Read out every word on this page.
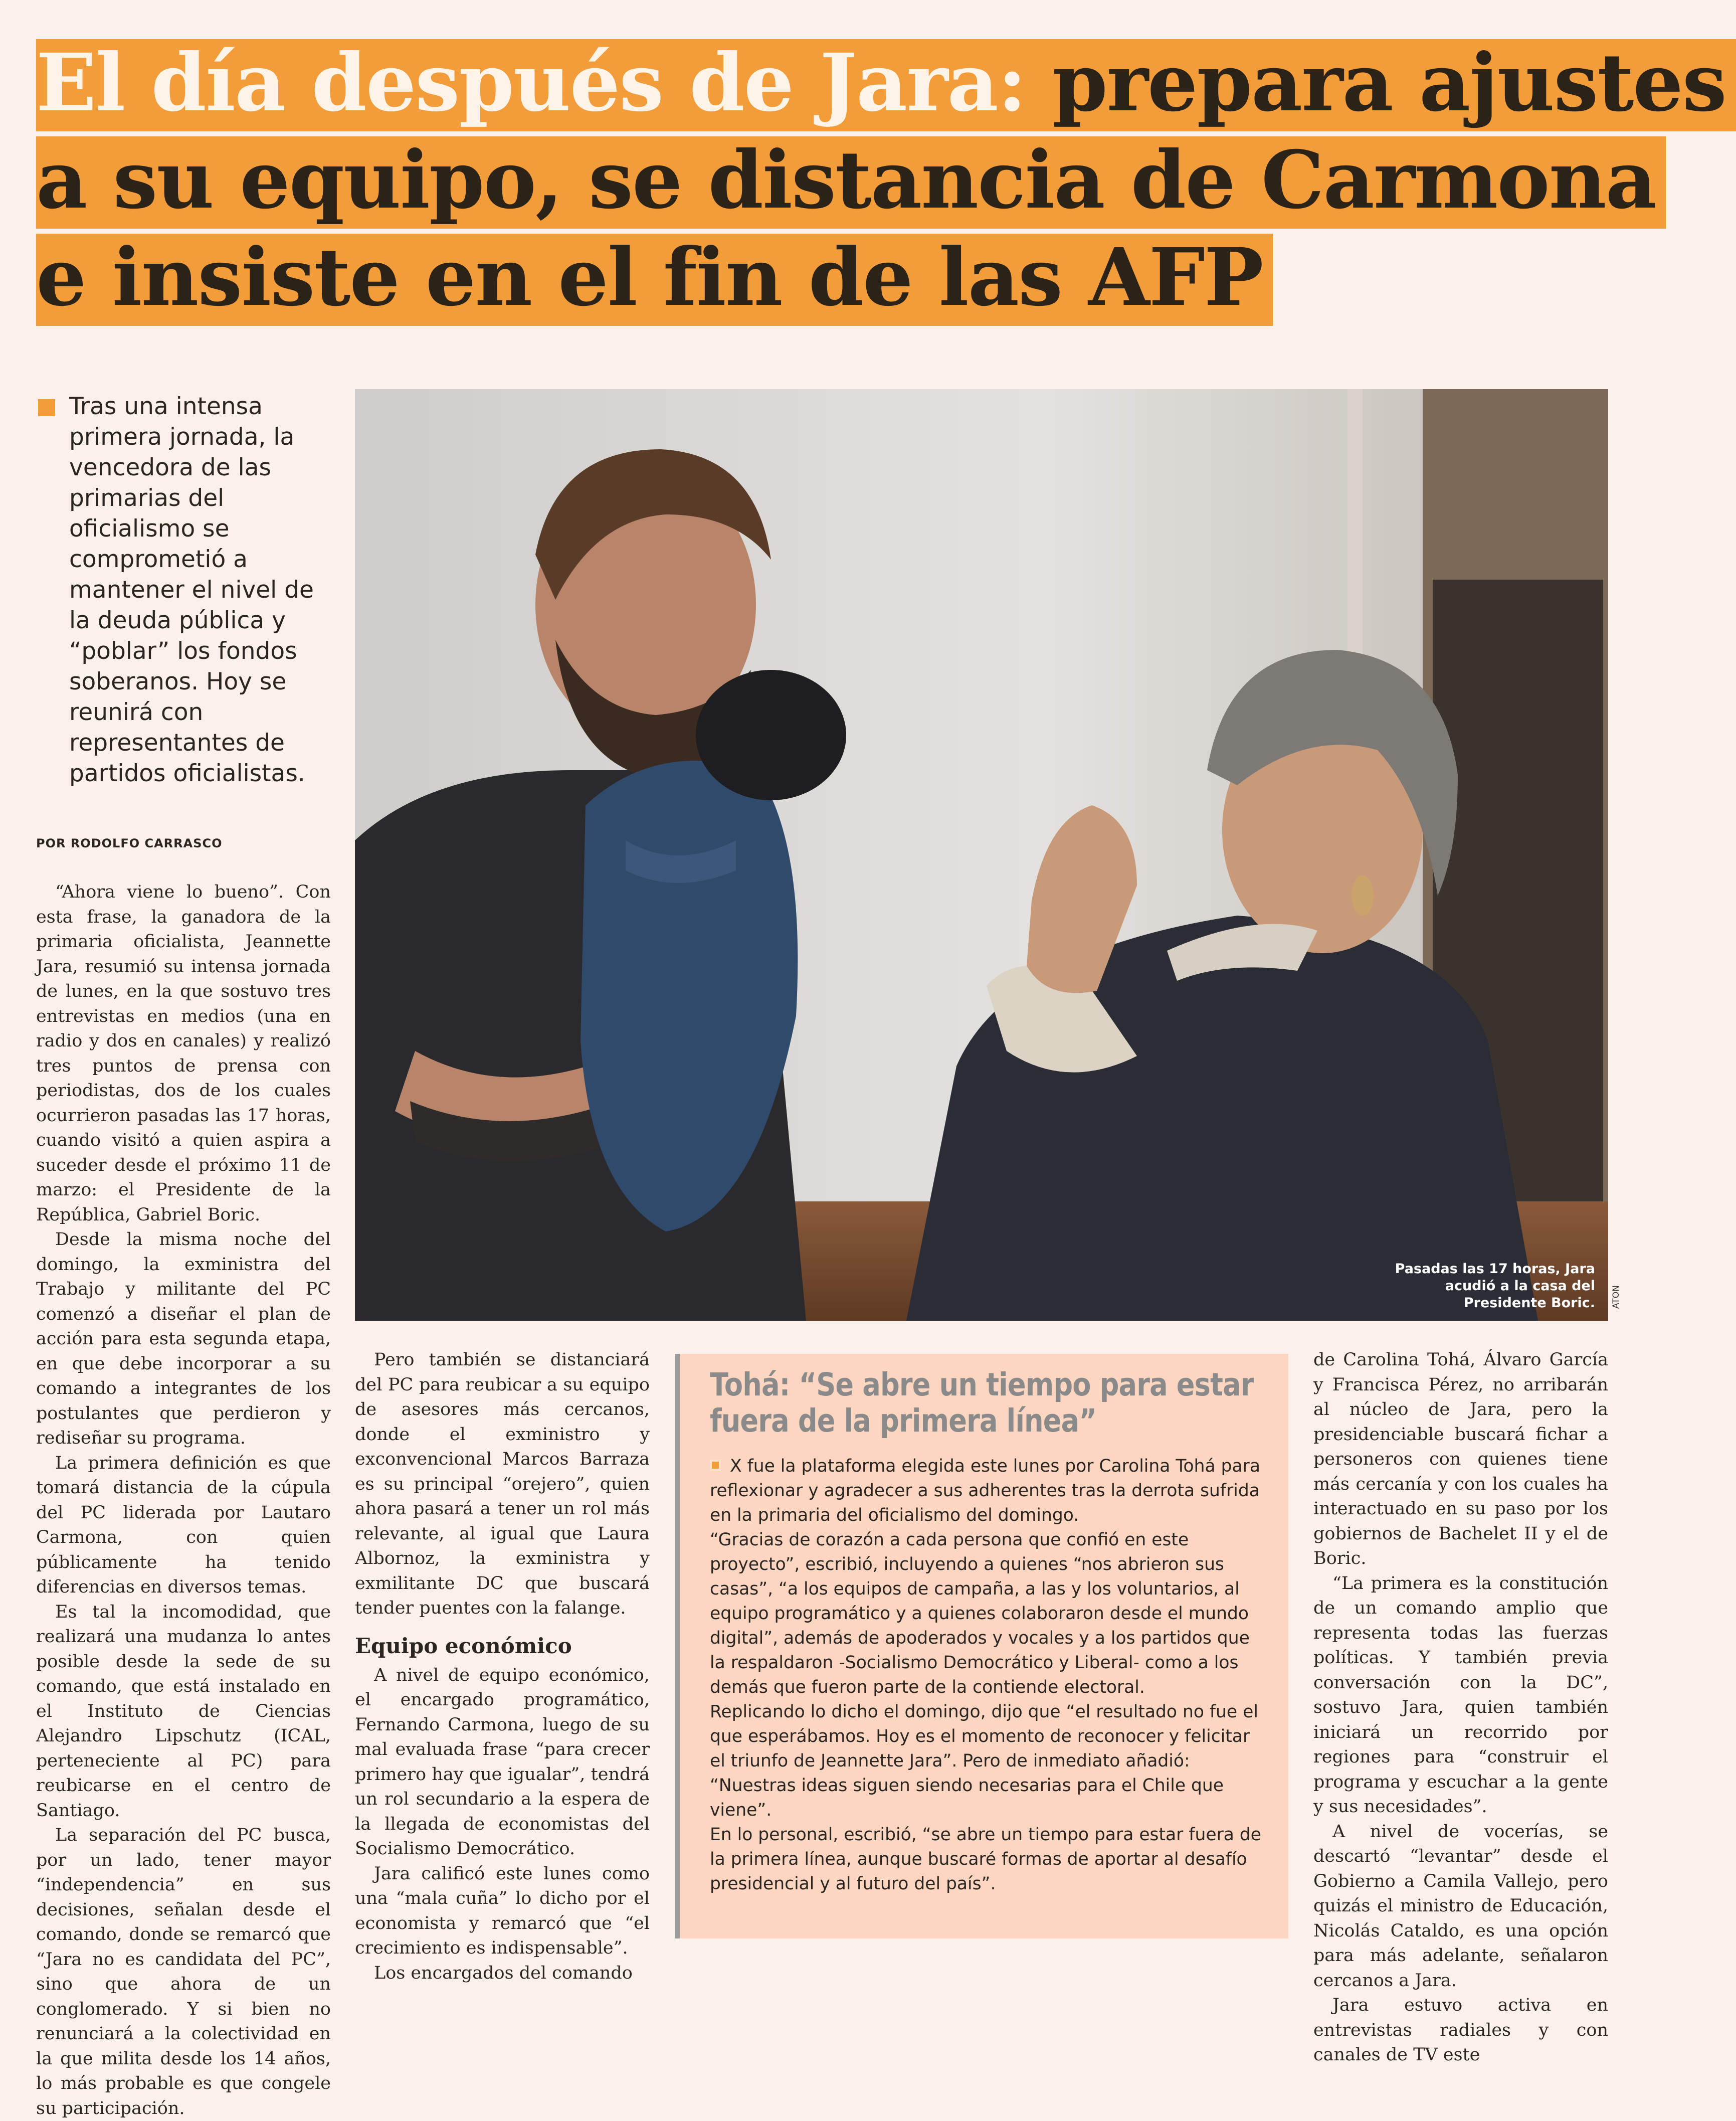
El día después de Jara: prepara ajustes
a su equipo, se distancia de Carmona
e insiste en el fin de las AFP
Tras una intensa primera jornada, la vencedora de las primarias del oficialismo se comprometió a mantener el nivel de la deuda pública y “poblar” los fondos soberanos. Hoy se reunirá con representantes de partidos oficialistas.
POR RODOLFO CARRASCO
Pasadas las 17 horas, Jara acudió a la casa del Presidente Boric. ATON

“Ahora viene lo bueno”. Con esta frase, la ganadora de la primaria oficialista, Jeannette Jara, resumió su intensa jornada de lunes, en la que sostuvo tres entrevistas en medios (una en radio y dos en canales) y realizó tres puntos de prensa con periodistas, dos de los cuales ocurrieron pasadas las 17 horas, cuando visitó a quien aspira a suceder desde el próximo 11 de marzo: el Presidente de la República, Gabriel Boric.

Desde la misma noche del domingo, la exministra del Trabajo y militante del PC comenzó a diseñar el plan de acción para esta segunda etapa, en que debe incorporar a su comando a integrantes de los postulantes que perdieron y rediseñar su programa.

La primera definición es que tomará distancia de la cúpula del PC liderada por Lautaro Carmona, con quien públicamente ha tenido diferencias en diversos temas.

Es tal la incomodidad, que realizará una mudanza lo antes posible desde la sede de su comando, que está instalado en el Instituto de Ciencias Alejandro Lipschutz (ICAL, perteneciente al PC) para reubicarse en el centro de Santiago.

La separación del PC busca, por un lado, tener mayor “independencia” en sus decisiones, señalan desde el comando, donde se remarcó que “Jara no es candidata del PC”, sino que ahora de un conglomerado. Y si bien no renunciará a la colectividad en la que milita desde los 14 años, lo más probable es que congele su participación.

Pero también se distanciará del PC para reubicar a su equipo de asesores más cercanos, donde el exministro y exconvencional Marcos Barraza es su principal “orejero”, quien ahora pasará a tener un rol más relevante, al igual que Laura Albornoz, la exministra y exmilitante DC que buscará tender puentes con la falange.

Equipo económico

A nivel de equipo económico, el encargado programático, Fernando Carmona, luego de su mal evaluada frase “para crecer primero hay que igualar”, tendrá un rol secundario a la espera de la llegada de economistas del Socialismo Democrático.

Jara calificó este lunes como una “mala cuña” lo dicho por el economista y remarcó que “el crecimiento es indispensable”.

Los encargados del comando

Tohá: “Se abre un tiempo para estar fuera de la primera línea”

X fue la plataforma elegida este lunes por Carolina Tohá para reflexionar y agradecer a sus adherentes tras la derrota sufrida en la primaria del oficialismo del domingo.

“Gracias de corazón a cada persona que confió en este proyecto”, escribió, incluyendo a quienes “nos abrieron sus casas”, “a los equipos de campaña, a las y los voluntarios, al equipo programático y a quienes colaboraron desde el mundo digital”, además de apoderados y vocales y a los partidos que la respaldaron -Socialismo Democrático y Liberal- como a los demás que fueron parte de la contiende electoral.

Replicando lo dicho el domingo, dijo que “el resultado no fue el que esperábamos. Hoy es el momento de reconocer y felicitar el triunfo de Jeannette Jara”. Pero de inmediato añadió: “Nuestras ideas siguen siendo necesarias para el Chile que viene”.

En lo personal, escribió, “se abre un tiempo para estar fuera de la primera línea, aunque buscaré formas de aportar al desafío presidencial y al futuro del país”.

de Carolina Tohá, Álvaro García y Francisca Pérez, no arribarán al núcleo de Jara, pero la presidenciable buscará fichar a personeros con quienes tiene más cercanía y con los cuales ha interactuado en su paso por los gobiernos de Bachelet II y el de Boric.

“La primera es la constitución de un comando amplio que representa todas las fuerzas políticas. Y también previa conversación con la DC”, sostuvo Jara, quien también iniciará un recorrido por regiones para “construir el programa y escuchar a la gente y sus necesidades”.

A nivel de vocerías, se descartó “levantar” desde el Gobierno a Camila Vallejo, pero quizás el ministro de Educación, Nicolás Cataldo, es una opción para más adelante, señalaron cercanos a Jara.

Jara estuvo activa en entrevistas radiales y con canales de TV este
